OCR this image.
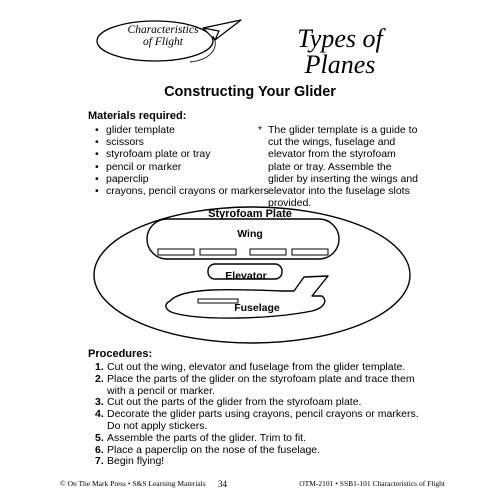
Characteristics
of Flight	Types of
Planes
Constructing Your Glider
Materials required:
• glider template
• scissors
• styrofoam plate or tray
• pencil or marker
• paperclip
• crayons, pencil crayons or markers
* The glider template is a guide to cut the wings, fuselage and elevator from the styrofoam plate or tray. Assemble the glider by inserting the wings and elevator into the fuselage slots provided.
Styrofoam Plate
Wing
Elevator
Fuselage
Procedures:
1. Cut out the wing, elevator and fuselage from the glider template.
2. Place the parts of the glider on the styrofoam plate and trace them with a pencil or marker.
3. Cut out the parts of the glider from the styrofoam plate.
4. Decorate the glider parts using crayons, pencil crayons or markers. Do not apply stickers.
5. Assemble the parts of the glider. Trim to fit.
6. Place a paperclip on the nose of the fuselage.
7. Begin flying!
© On The Mark Press • S&S Learning Materials 34	OTM-2101 • SSB1-101 Characteristics of Flight
